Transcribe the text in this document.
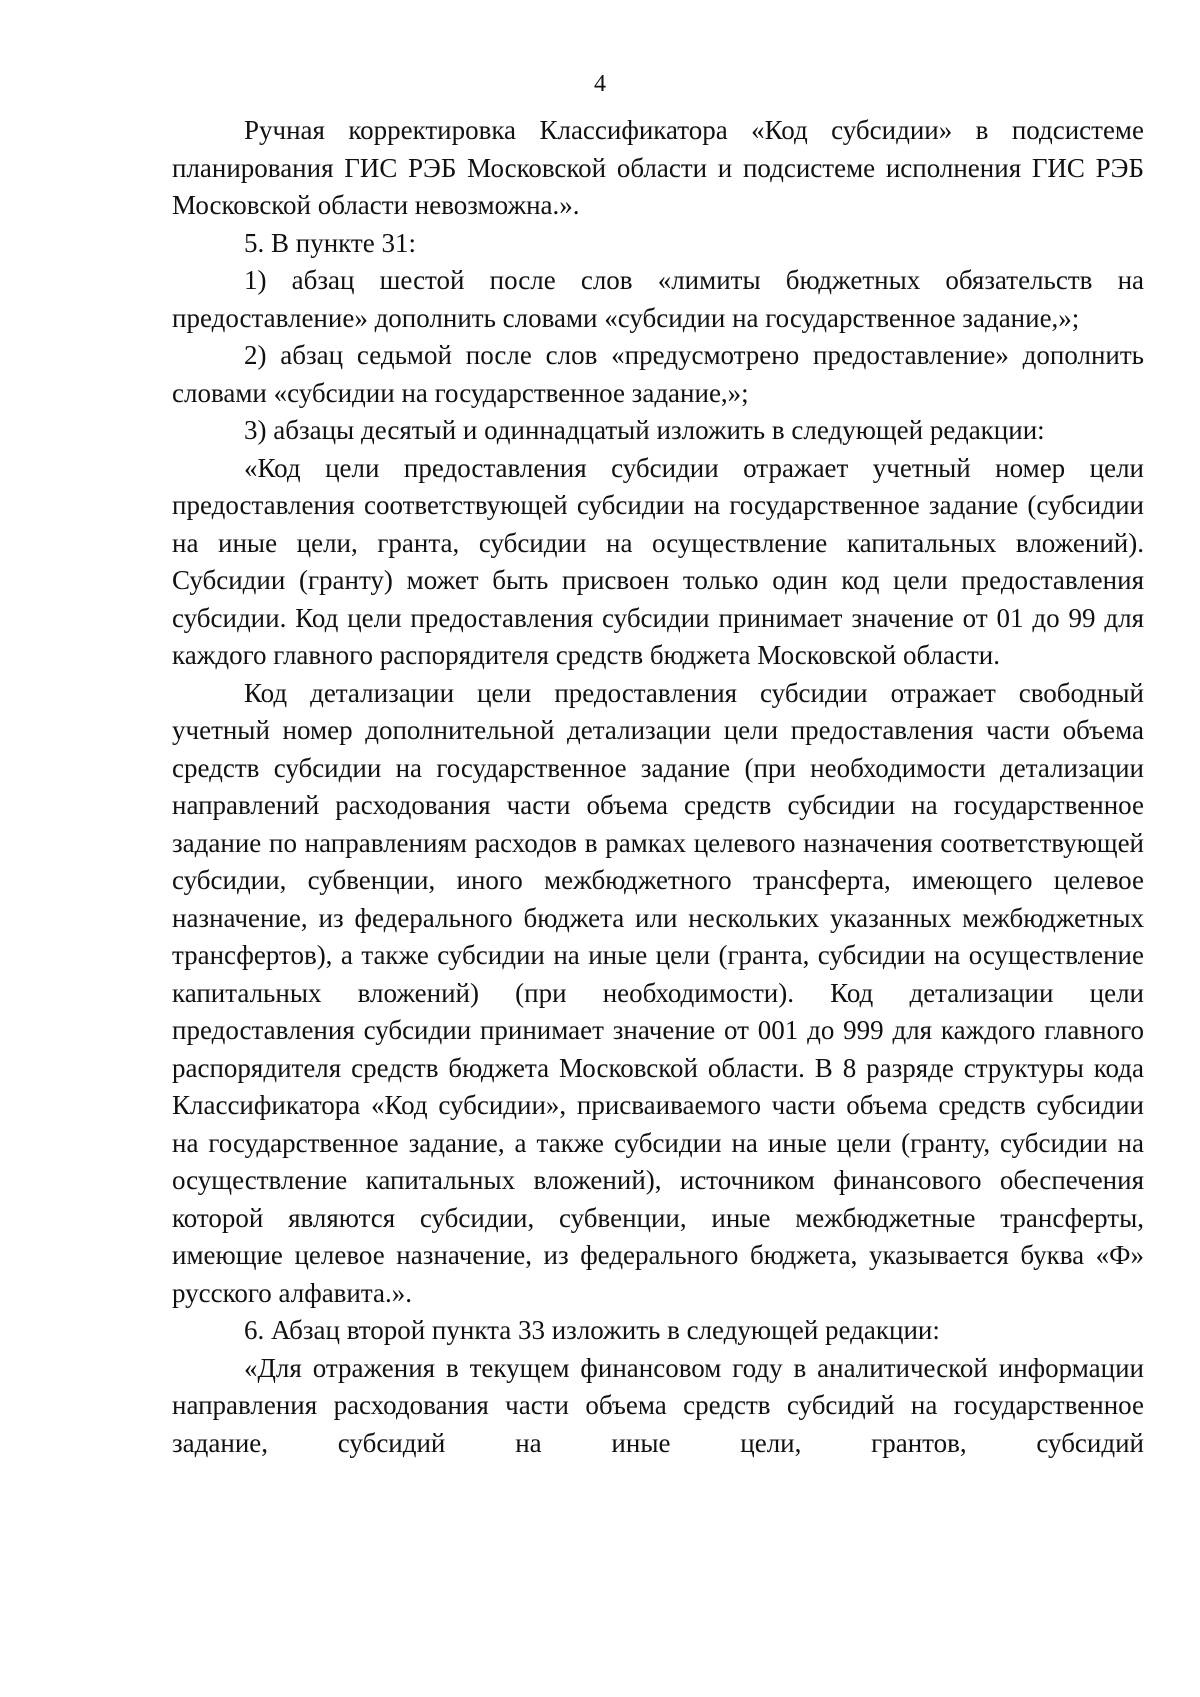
4

Ручная корректировка Классификатора «Код субсидии» в подсистеме планирования ГИС РЭБ Московской области и подсистеме исполнения ГИС РЭБ Московской области невозможна.».

5. В пункте 31:

1) абзац шестой после слов «лимиты бюджетных обязательств на предоставление» дополнить словами «субсидии на государственное задание,»;

2) абзац седьмой после слов «предусмотрено предоставление» дополнить словами «субсидии на государственное задание,»;

3) абзацы десятый и одиннадцатый изложить в следующей редакции:

«Код цели предоставления субсидии отражает учетный номер цели предоставления соответствующей субсидии на государственное задание (субсидии на иные цели, гранта, субсидии на осуществление капитальных вложений). Субсидии (гранту) может быть присвоен только один код цели предоставления субсидии. Код цели предоставления субсидии принимает значение от 01 до 99 для каждого главного распорядителя средств бюджета Московской области.

Код детализации цели предоставления субсидии отражает свободный учетный номер дополнительной детализации цели предоставления части объема средств субсидии на государственное задание (при необходимости детализации направлений расходования части объема средств субсидии на государственное задание по направлениям расходов в рамках целевого назначения соответствующей субсидии, субвенции, иного межбюджетного трансферта, имеющего целевое назначение, из федерального бюджета или нескольких указанных межбюджетных трансфертов), а также субсидии на иные цели (гранта, субсидии на осуществление капитальных вложений) (при необходимости). Код детализации цели предоставления субсидии принимает значение от 001 до 999 для каждого главного распорядителя средств бюджета Московской области. В 8 разряде структуры кода Классификатора «Код субсидии», присваиваемого части объема средств субсидии на государственное задание, а также субсидии на иные цели (гранту, субсидии на осуществление капитальных вложений), источником финансового обеспечения которой являются субсидии, субвенции, иные межбюджетные трансферты, имеющие целевое назначение, из федерального бюджета, указывается буква «Ф» русского алфавита.».

6. Абзац второй пункта 33 изложить в следующей редакции:

«Для отражения в текущем финансовом году в аналитической информации направления расходования части объема средств субсидий на государственное задание, субсидий на иные цели, грантов, субсидий
